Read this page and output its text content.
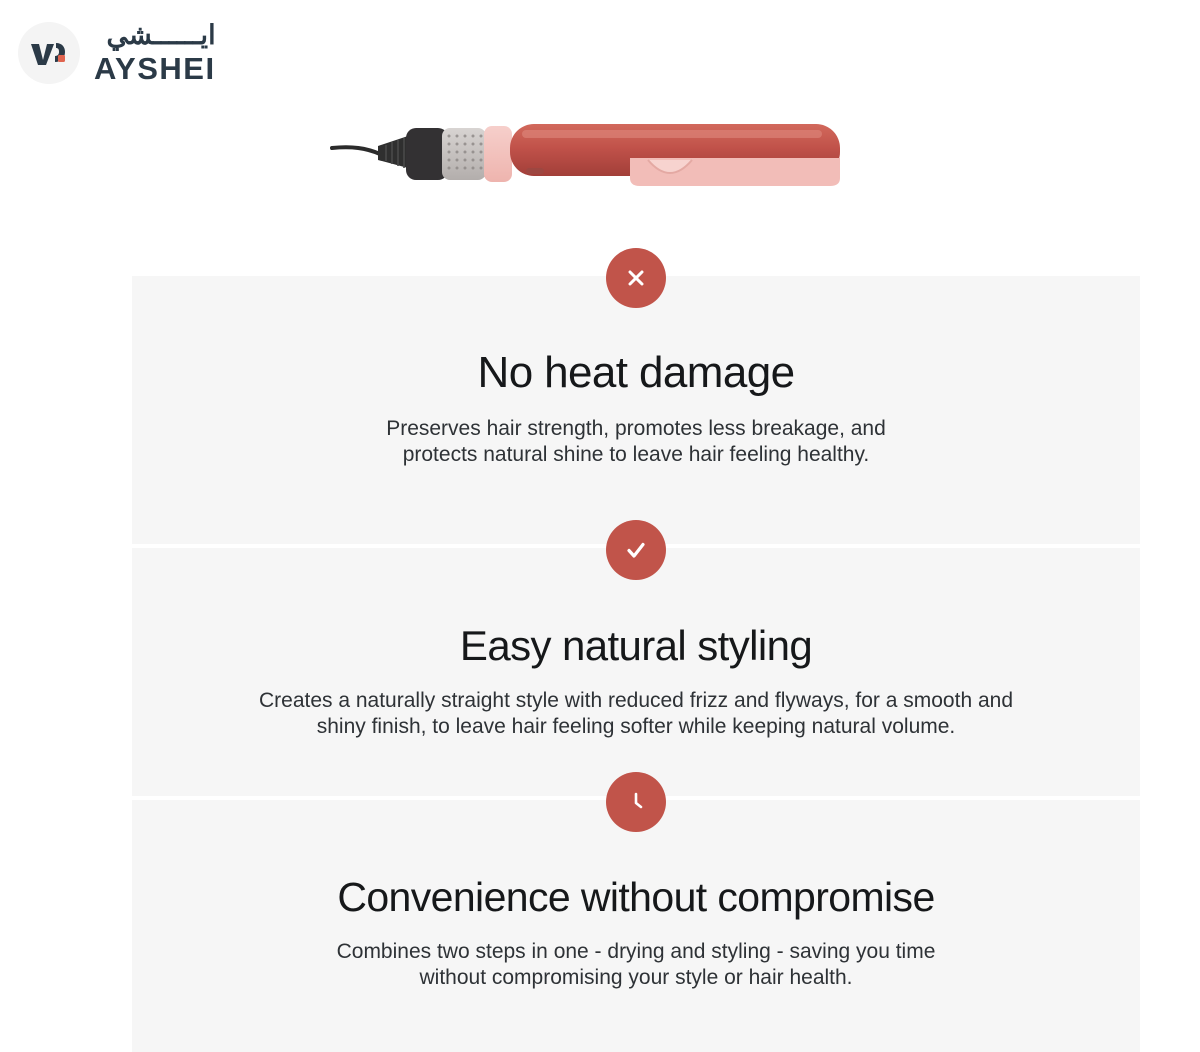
ايــــــشي
AYSHEI
No heat damage

Preserves hair strength, promotes less breakage, and protects natural shine to leave hair feeling healthy.

Easy natural styling

Creates a naturally straight style with reduced frizz and flyways, for a smooth and shiny finish, to leave hair feeling softer while keeping natural volume.

Convenience without compromise

Combines two steps in one - drying and styling - saving you time without compromising your style or hair health.
